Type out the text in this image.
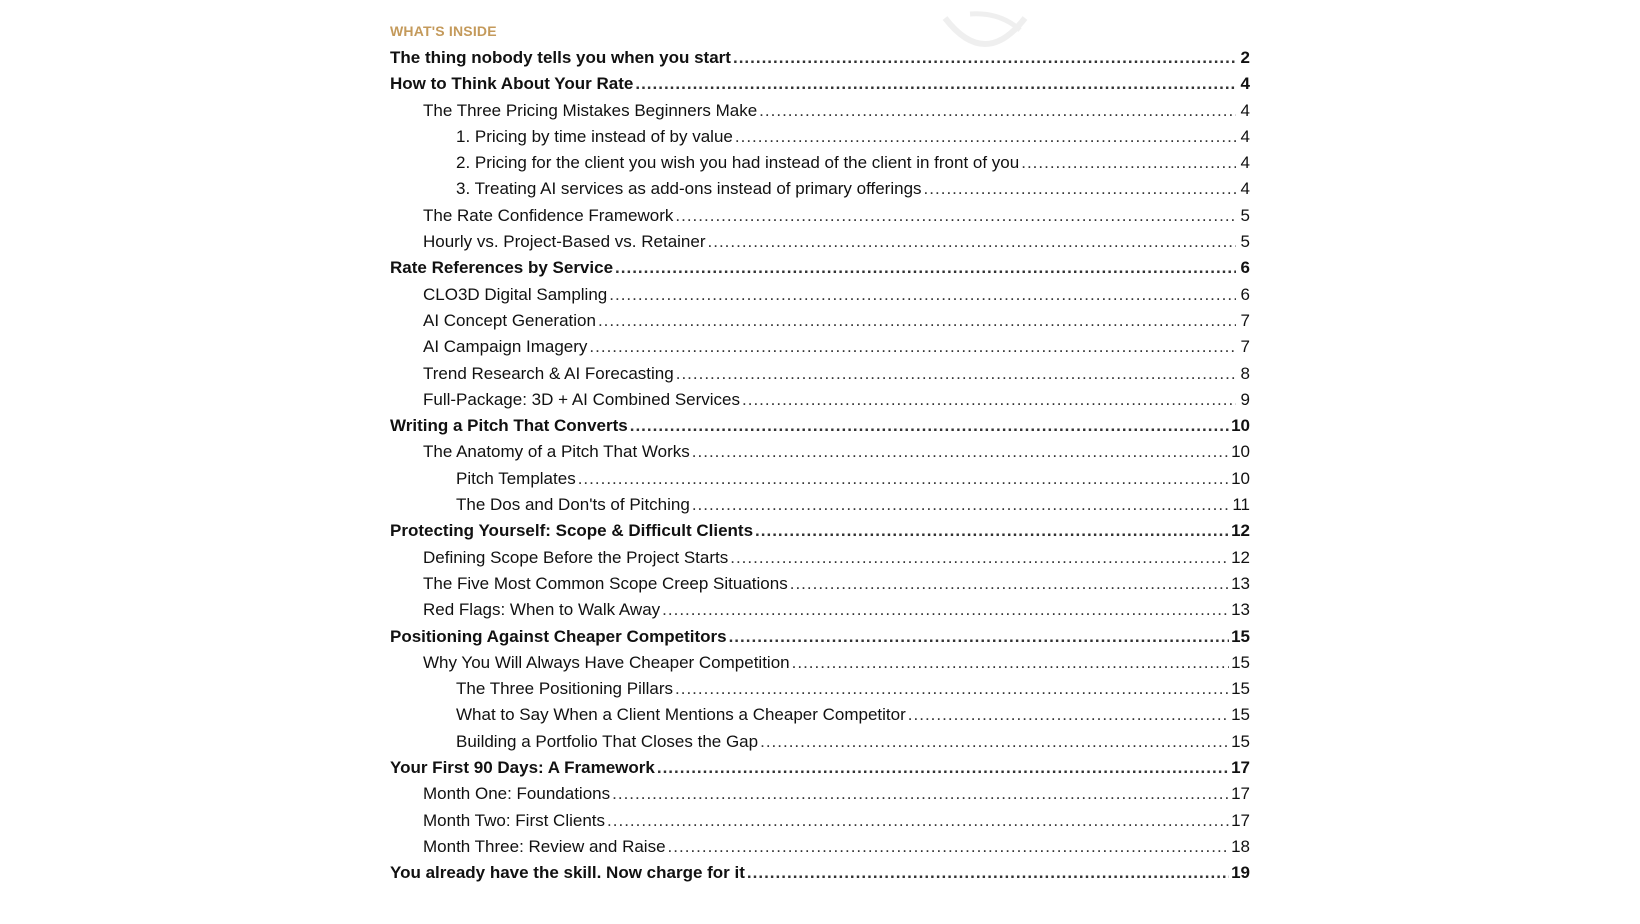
WHAT'S INSIDE
The thing nobody tells you when you start .....	2
How to Think About Your Rate .....	4
The Three Pricing Mistakes Beginners Make .....	4
1. Pricing by time instead of by value .....	4
2. Pricing for the client you wish you had instead of the client in front of you .....	4
3. Treating AI services as add-ons instead of primary offerings .....	4
The Rate Confidence Framework .....	5
Hourly vs. Project-Based vs. Retainer .....	5
Rate References by Service .....	6
CLO3D Digital Sampling .....	6
AI Concept Generation .....	7
AI Campaign Imagery .....	7
Trend Research & AI Forecasting .....	8
Full-Package: 3D + AI Combined Services .....	9
Writing a Pitch That Converts .....	10
The Anatomy of a Pitch That Works .....	10
Pitch Templates .....	10
The Dos and Don'ts of Pitching .....	11
Protecting Yourself: Scope & Difficult Clients .....	12
Defining Scope Before the Project Starts .....	12
The Five Most Common Scope Creep Situations .....	13
Red Flags: When to Walk Away .....	13
Positioning Against Cheaper Competitors .....	15
Why You Will Always Have Cheaper Competition .....	15
The Three Positioning Pillars .....	15
What to Say When a Client Mentions a Cheaper Competitor .....	15
Building a Portfolio That Closes the Gap .....	15
Your First 90 Days: A Framework .....	17
Month One: Foundations .....	17
Month Two: First Clients .....	17
Month Three: Review and Raise .....	18
You already have the skill. Now charge for it .....	19
